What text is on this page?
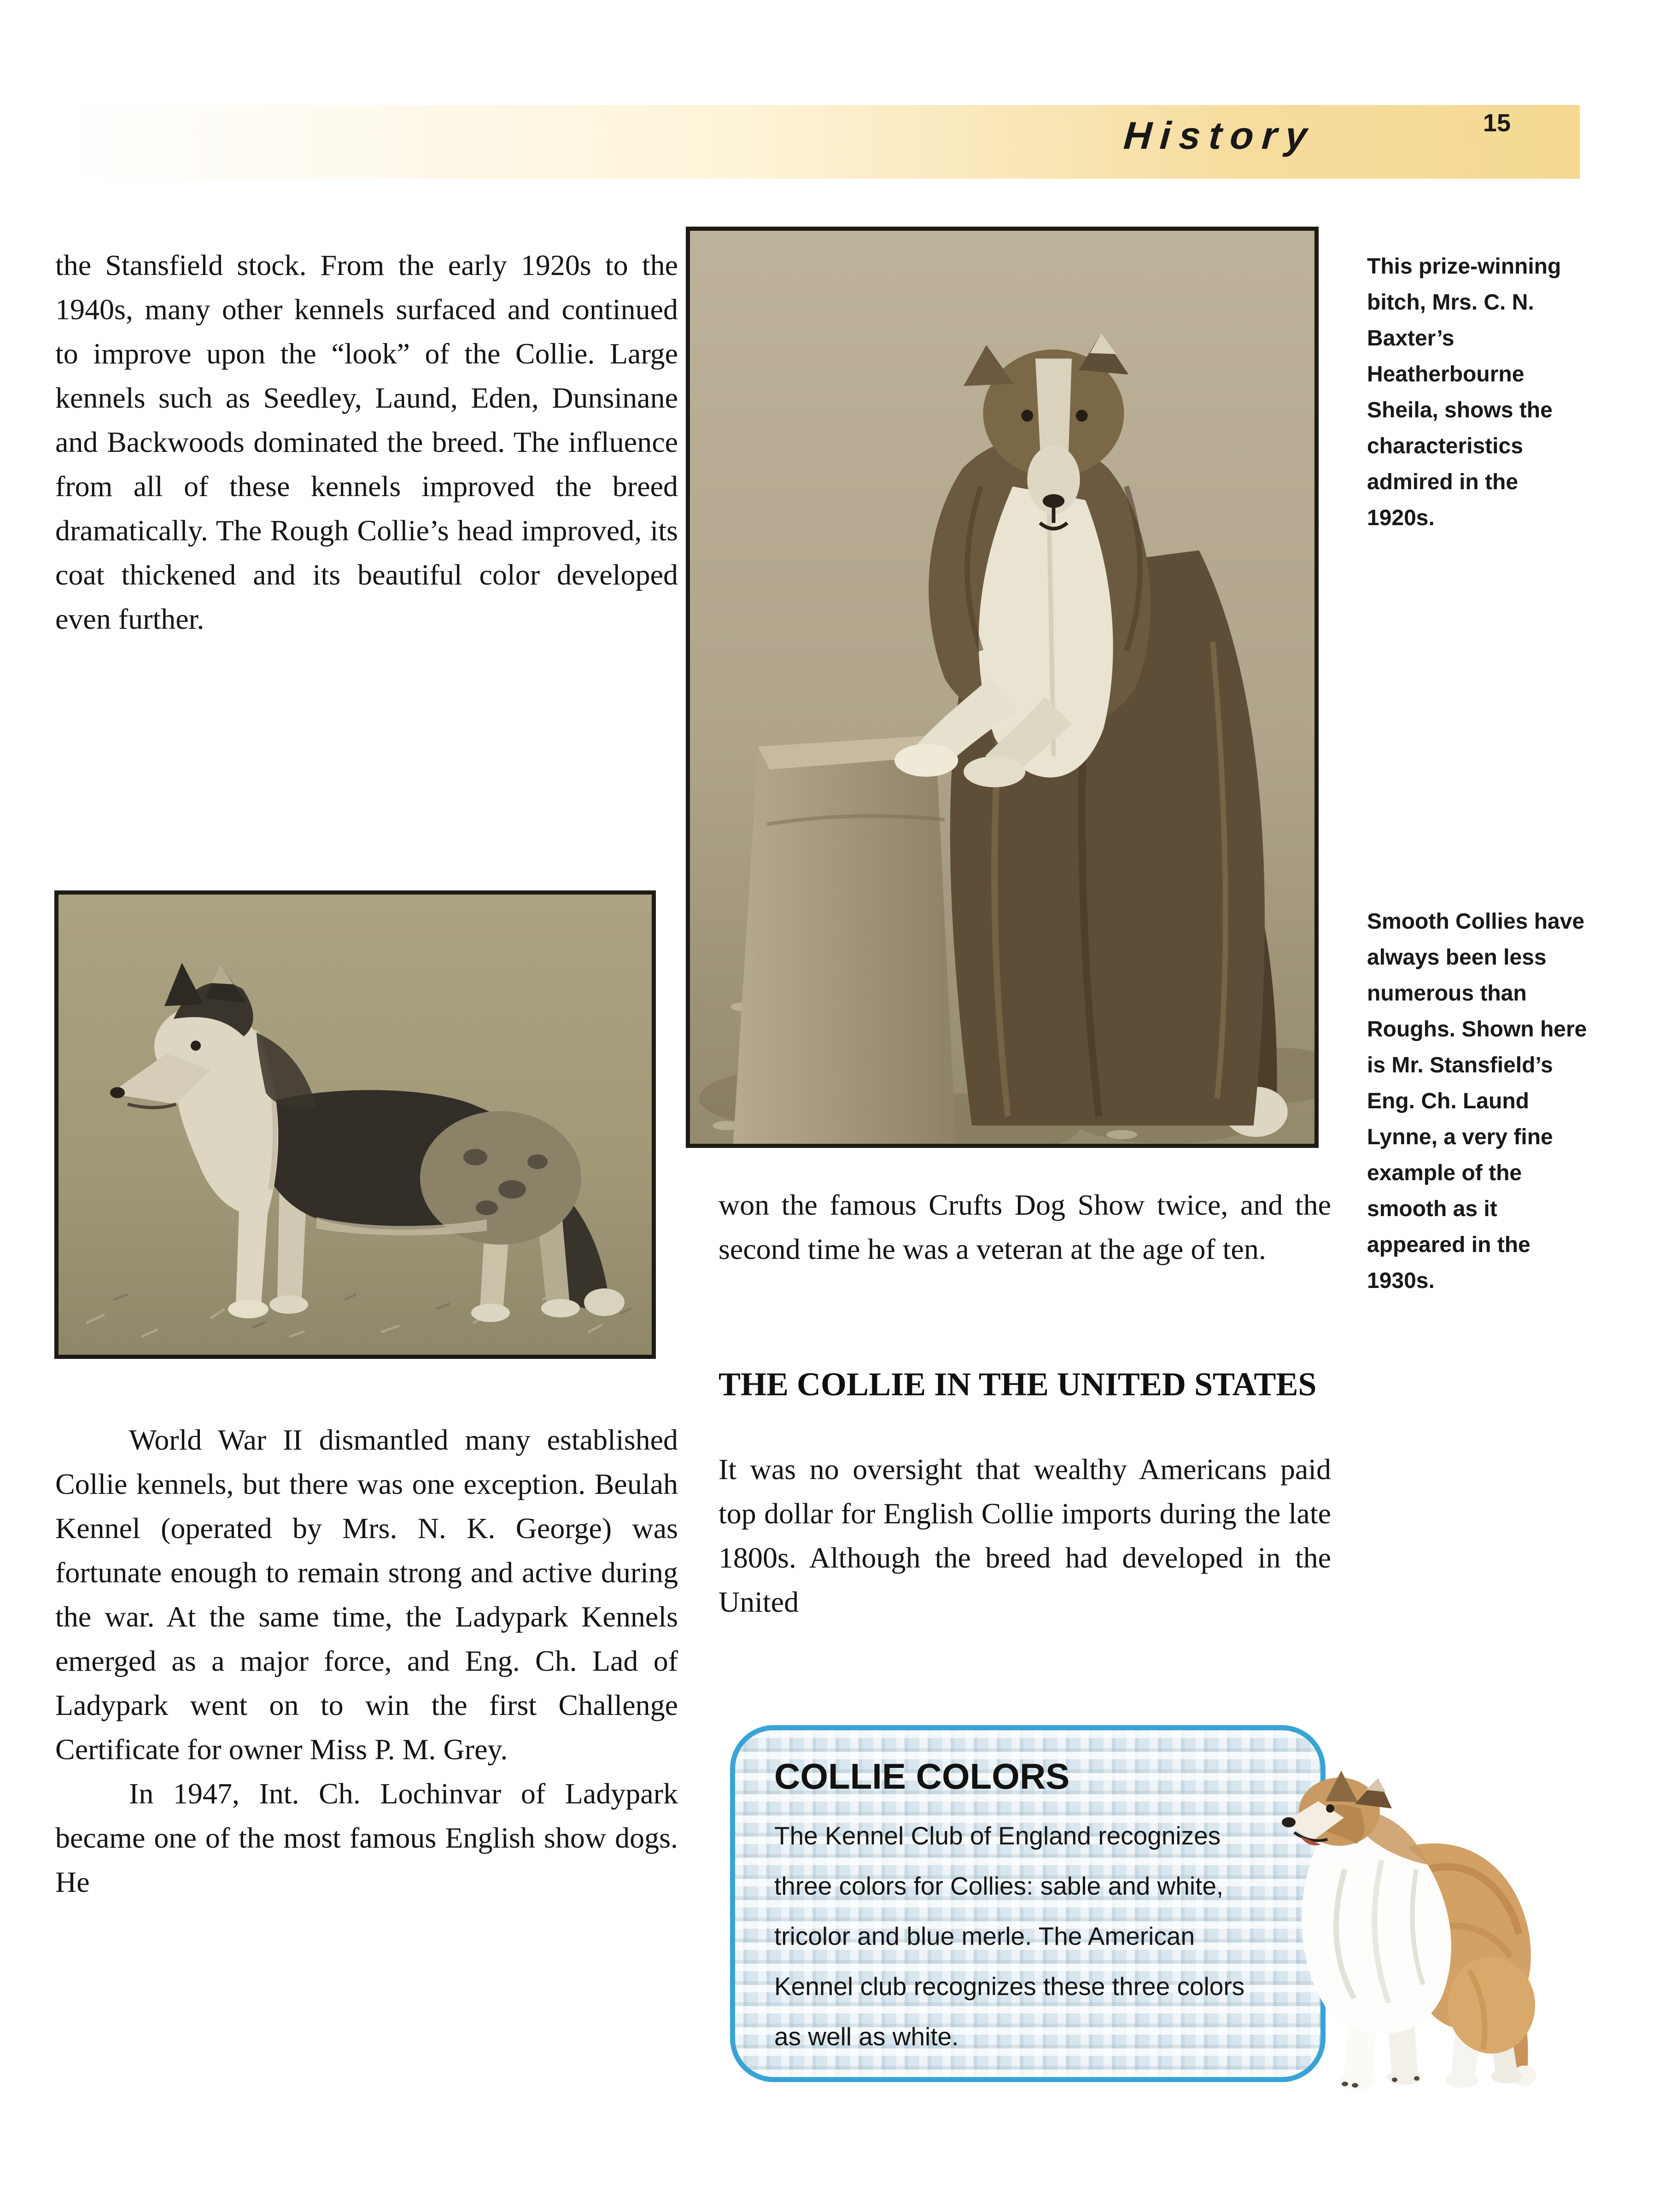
History	15
the Stansfield stock. From the early 1920s to the 1940s, many other kennels surfaced and continued to improve upon the “look” of the Collie. Large kennels such as Seedley, Laund, Eden, Dunsinane and Backwoods dominated the breed. The influence from all of these kennels improved the breed dramatically. The Rough Collie’s head improved, its coat thickened and its beautiful color developed even further.
This prize-winning bitch, Mrs. C. N. Baxter’s Heatherbourne Sheila, shows the characteristics admired in the 1920s.
Smooth Collies have always been less numerous than Roughs. Shown here is Mr. Stansfield’s Eng. Ch. Laund Lynne, a very fine example of the smooth as it appeared in the 1930s.

World War II dismantled many established Collie kennels, but there was one exception. Beulah Kennel (operated by Mrs. N. K. George) was fortunate enough to remain strong and active during the war. At the same time, the Ladypark Kennels emerged as a major force, and Eng. Ch. Lad of Ladypark went on to win the first Challenge Certificate for owner Miss P. M. Grey.

In 1947, Int. Ch. Lochinvar of Ladypark became one of the most famous English show dogs. He

won the famous Crufts Dog Show twice, and the second time he was a veteran at the age of ten.
THE COLLIE IN THE UNITED STATES
It was no oversight that wealthy Americans paid top dollar for English Collie imports during the late 1800s. Although the breed had developed in the United
COLLIE COLORS
The Kennel Club of England recognizes three colors for Collies: sable and white, tricolor and blue merle. The American Kennel club recognizes these three colors as well as white.
